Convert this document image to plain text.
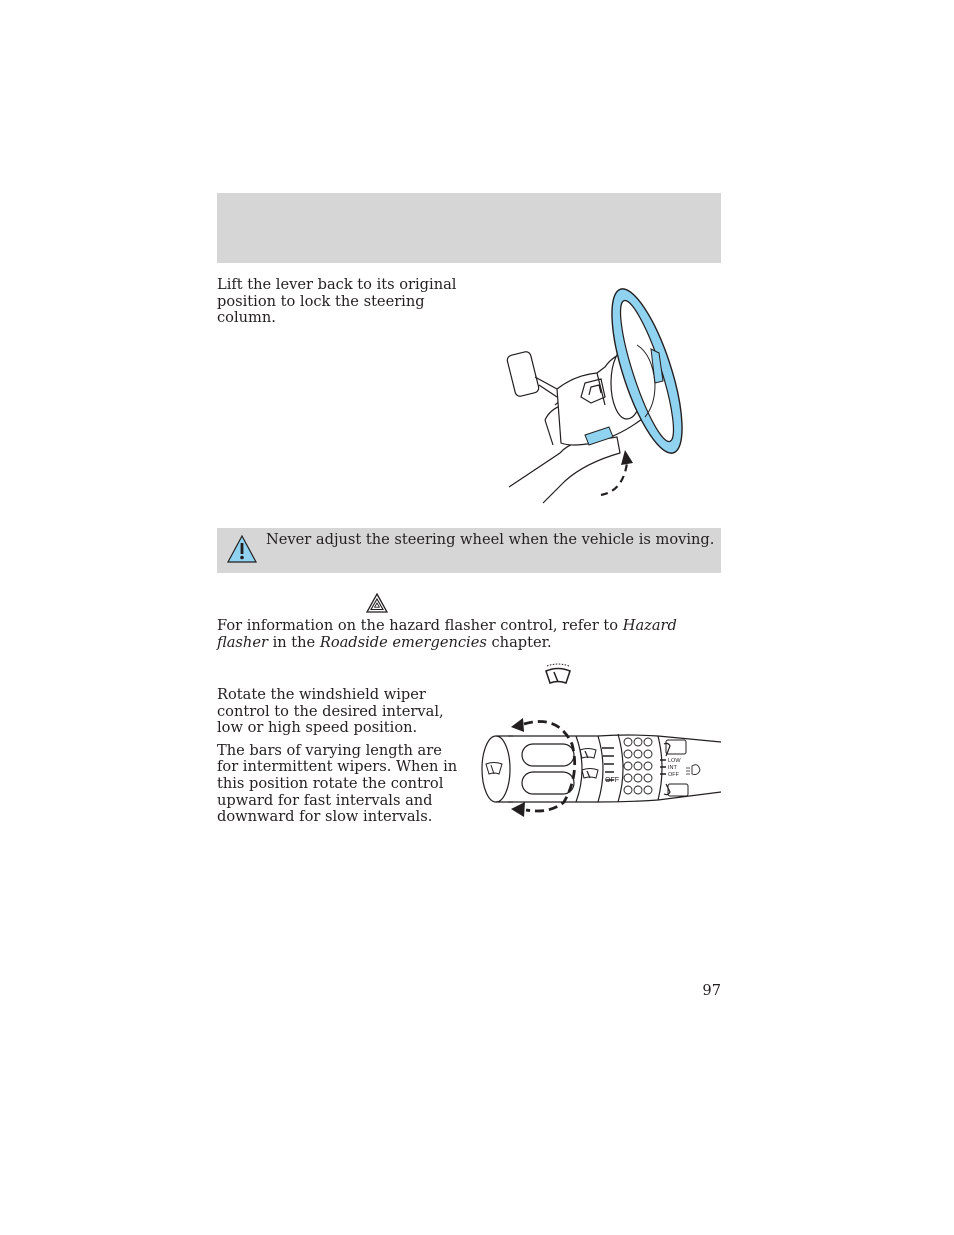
Lift the lever back to its original position to lock the steering column.

Never adjust the steering wheel when the vehicle is moving.

For information on the hazard flasher control, refer to Hazard flasher in the Roadside emergencies chapter.

Rotate the windshield wiper control to the desired interval, low or high speed position.

The bars of varying length are for intermittent wipers. When in this position rotate the control upward for fast intervals and downward for slow intervals.

OFF
LOW
INT
OFF
97
